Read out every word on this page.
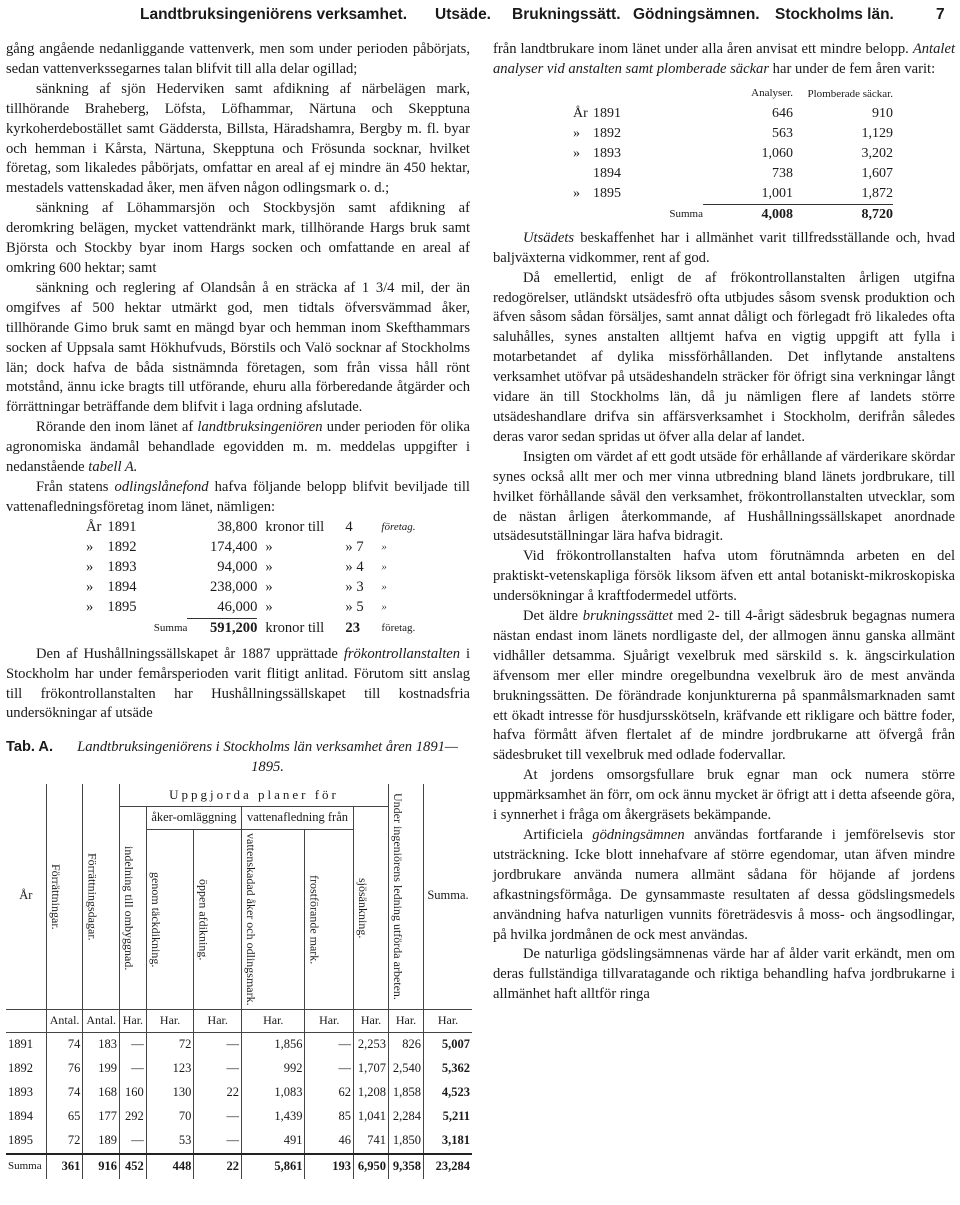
Landtbruksingeniörens verksamhet. Utsäde. Brukningssätt. Gödningsämnen. Stockholms län.	7

gång angående nedanliggande vattenverk, men som under perioden påbörjats, sedan vattenverkssegarnes talan blifvit till alla delar ogillad;

sänkning af sjön Hederviken samt afdikning af närbelägen mark, tillhörande Braheberg, Löfsta, Löfhammar, Närtuna och Skepptuna kyrkoherdebostället samt Gäddersta, Billsta, Häradshamra, Bergby m. fl. byar och hemman i Kårsta, Närtuna, Skepptuna och Frösunda socknar, hvilket företag, som likaledes påbörjats, omfattar en areal af ej mindre än 450 hektar, mestadels vattenskadad åker, men äfven någon odlingsmark o. d.;

sänkning af Löhammarsjön och Stockbysjön samt afdikning af deromkring belägen, mycket vattendränkt mark, tillhörande Hargs bruk samt Björsta och Stockby byar inom Hargs socken och omfattande en areal af omkring 600 hektar; samt

sänkning och reglering af Olandsån å en sträcka af 1 3/4 mil, der än omgifves af 500 hektar utmärkt god, men tidtals öfversvämmad åker, tillhörande Gimo bruk samt en mängd byar och hemman inom Skefthammars socken af Uppsala samt Hökhufvuds, Börstils och Valö socknar af Stockholms län; dock hafva de båda sistnämnda företagen, som från vissa håll rönt motstånd, ännu icke bragts till utförande, ehuru alla förberedande åtgärder och förrättningar beträffande dem blifvit i laga ordning afslutade.

Rörande den inom länet af landtbruksingeniören under perioden för olika agronomiska ändamål behandlade egovidden m. m. meddelas uppgifter i nedanstående tabell A.

Från statens odlingslånefond hafva följande belopp blifvit beviljade till vattenafledningsföretag inom länet, nämligen:

År	1891	38,800	kronor till	4	företag.
»	1892	174,400	»	» 7	»
»	1893	94,000	»	» 4	»
»	1894	238,000	»	» 3	»
»	1895	46,000	»	» 5	»
Summa		591,200	kronor till	23	företag.

Den af Hushållningssällskapet år 1887 upprättade frökontrollanstalten i Stockholm har under femårsperioden varit flitigt anlitad. Förutom sitt anslag till frökontrollanstalten har Hushållningssällskapet till kostnadsfria undersökningar af utsäde

Tab. A.	Landtbruksingeniörens i Stockholms län verksamhet åren 1891—1895.
År	Förrättningar.	Förrättningsdagar.	Uppgjorda planer för						Under ingeniörens ledning utförda arbeten.	Summa.

			indelning till ombyggnad.	åker-omläggning		vattenafledning från		sjösänkning.		

				genom täckdikning.	öppen afdikning.	vattenskadad åker och odlingsmark.	frostförande mark.			

	Antal.	Antal.	Har.	Har.	Har.	Har.	Har.	Har.	Har.	Har.
1891	74	183	—	72	—	1,856	—	2,253	826	5,007
1892	76	199	—	123	—	992	—	1,707	2,540	5,362
1893	74	168	160	130	22	1,083	62	1,208	1,858	4,523
1894	65	177	292	70	—	1,439	85	1,041	2,284	5,211
1895	72	189	—	53	—	491	46	741	1,850	3,181
Summa	361	916	452	448	22	5,861	193	6,950	9,358	23,284

från landtbrukare inom länet under alla åren anvisat ett mindre belopp. Antalet analyser vid anstalten samt plomberade säckar har under de fem åren varit:

		Analyser.	Plomberade säckar.
År	1891	646	910
»	1892	563	1,129
»	1893	1,060	3,202
	1894	738	1,607
»	1895	1,001	1,872
Summa		4,008	8,720

Utsädets beskaffenhet har i allmänhet varit tillfredsställande och, hvad baljväxterna vidkommer, rent af god.

Då emellertid, enligt de af frökontrollanstalten årligen utgifna redogörelser, utländskt utsädesfrö ofta utbjudes såsom svensk produktion och äfven såsom sådan försäljes, samt annat dåligt och förlegadt frö likaledes ofta saluhålles, synes anstalten alltjemt hafva en vigtig uppgift att fylla i motarbetandet af dylika missförhållanden. Det inflytande anstaltens verksamhet utöfvar på utsädeshandeln sträcker för öfrigt sina verkningar långt vidare än till Stockholms län, då ju nämligen flere af landets större utsädeshandlare drifva sin affärsverksamhet i Stockholm, derifrån således deras varor sedan spridas ut öfver alla delar af landet.

Insigten om värdet af ett godt utsäde för erhållande af värderikare skördar synes också allt mer och mer vinna utbredning bland länets jordbrukare, till hvilket förhållande såväl den verksamhet, frökontrollanstalten utvecklar, som de nästan årligen återkommande, af Hushållningssällskapet anordnade utsädesutställningar lära hafva bidragit.

Vid frökontrollanstalten hafva utom förutnämnda arbeten en del praktiskt-vetenskapliga försök liksom äfven ett antal botaniskt-mikroskopiska undersökningar å kraftfodermedel utförts.

Det äldre brukningssättet med 2- till 4-årigt sädesbruk begagnas numera nästan endast inom länets nordligaste del, der allmogen ännu ganska allmänt vidhåller detsamma. Sjuårigt vexelbruk med särskild s. k. ängscirkulation äfvensom mer eller mindre oregelbundna vexelbruk äro de mest använda brukningssätten. De förändrade konjunkturerna på spanmålsmarknaden samt ett ökadt intresse för husdjursskötseln, kräfvande ett rikligare och bättre foder, hafva förmått äfven flertalet af de mindre jordbrukarne att öfvergå från sädesbruket till vexelbruk med odlade fodervallar.

At jordens omsorgsfullare bruk egnar man ock numera större uppmärksamhet än förr, om ock ännu mycket är öfrigt att i detta afseende göra, i synnerhet i fråga om åkergräsets bekämpande.

Artificiela gödningsämnen användas fortfarande i jemförelsevis stor utsträckning. Icke blott innehafvare af större egendomar, utan äfven mindre jordbrukare använda numera allmänt sådana för höjande af jordens afkastningsförmåga. De gynsammaste resultaten af dessa gödslingsmedels användning hafva naturligen vunnits företrädesvis å moss- och ängsodlingar, på hvilka jordmånen de ock mest användas.

De naturliga gödslingsämnenas värde har af ålder varit erkändt, men om deras fullständiga tillvaratagande och riktiga behandling hafva jordbrukarne i allmänhet haft alltför ringa
